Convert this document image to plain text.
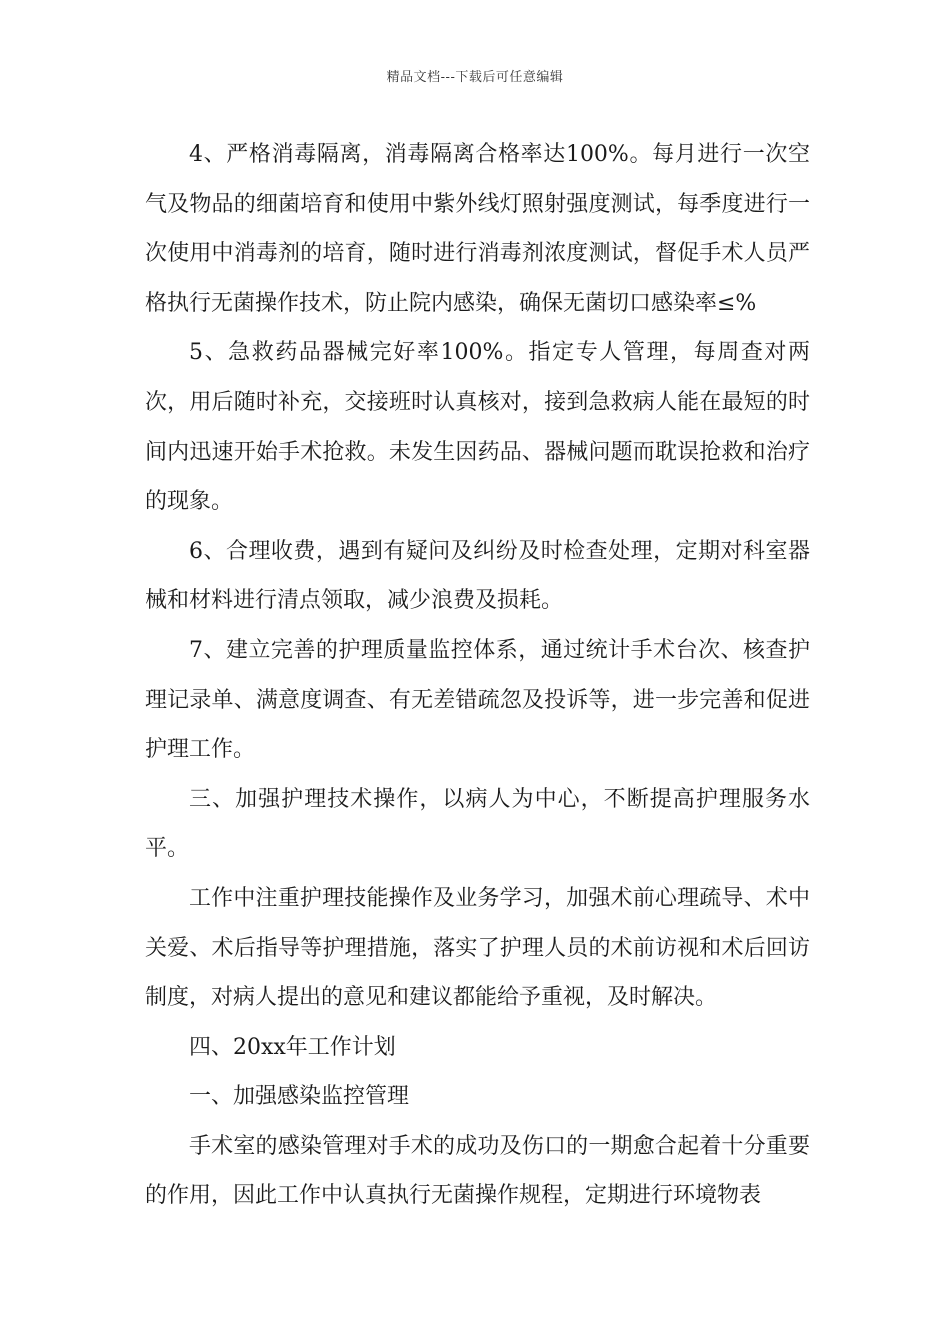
精品文档---下载后可任意编辑

4、严格消毒隔离，消毒隔离合格率达100%。每月进行一次空气及物品的细菌培育和使用中紫外线灯照射强度测试，每季度进行一次使用中消毒剂的培育，随时进行消毒剂浓度测试，督促手术人员严格执行无菌操作技术，防止院内感染，确保无菌切口感染率≤%

5、急救药品器械完好率100%。指定专人管理，每周查对两次，用后随时补充，交接班时认真核对，接到急救病人能在最短的时间内迅速开始手术抢救。未发生因药品、器械问题而耽误抢救和治疗的现象。

6、合理收费，遇到有疑问及纠纷及时检查处理，定期对科室器械和材料进行清点领取，减少浪费及损耗。

7、建立完善的护理质量监控体系，通过统计手术台次、核查护理记录单、满意度调查、有无差错疏忽及投诉等，进一步完善和促进护理工作。

三、加强护理技术操作，以病人为中心，不断提高护理服务水平。

工作中注重护理技能操作及业务学习，加强术前心理疏导、术中关爱、术后指导等护理措施，落实了护理人员的术前访视和术后回访制度，对病人提出的意见和建议都能给予重视，及时解决。

四、20xx年工作计划

一、加强感染监控管理

手术室的感染管理对手术的成功及伤口的一期愈合起着十分重要的作用，因此工作中认真执行无菌操作规程，定期进行环境物表
